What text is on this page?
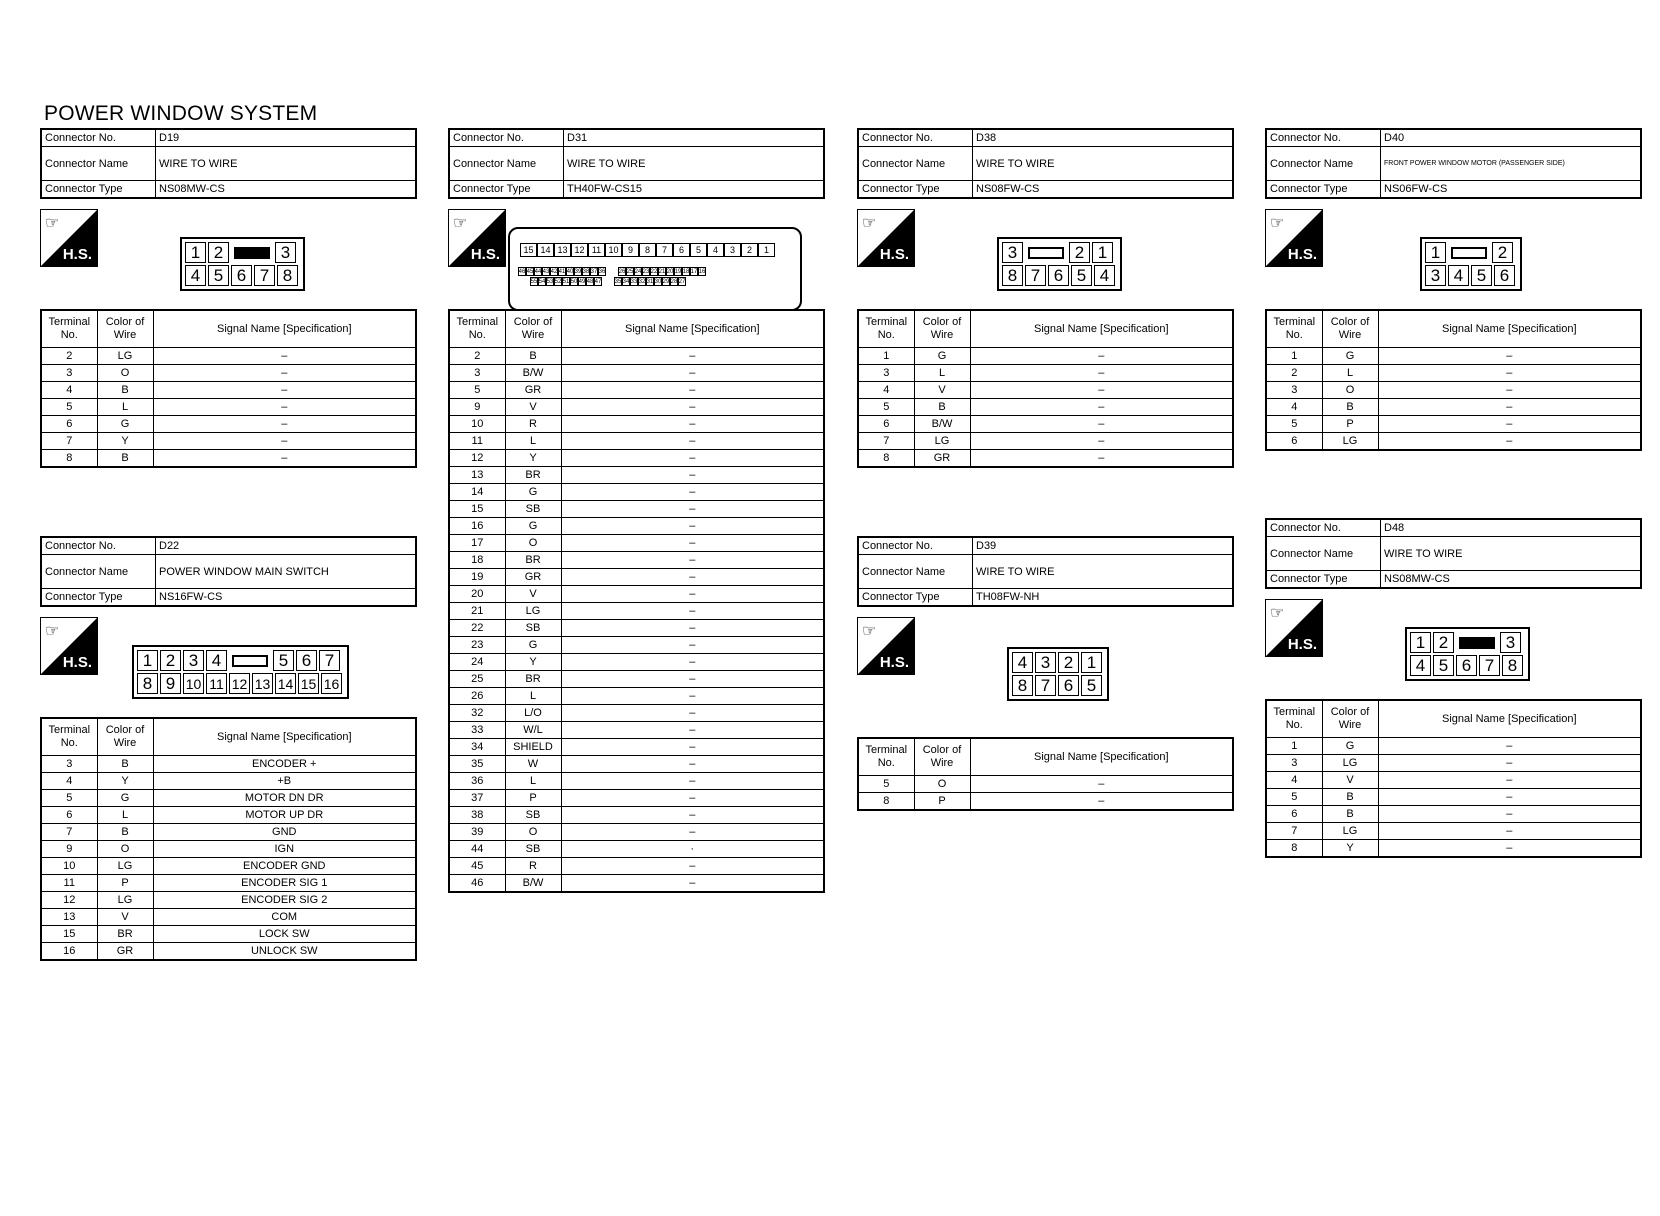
POWER WINDOW SYSTEM
Connector No.	D19
Connector Name	WIRE TO WIRE
Connector Type	NS08MW-CS
☞
H.S.	1 2	3
4 5 6 7 8
Terminal No.	Color of Wire	Signal Name [Specification]
2	LG	–
3	O	–
4	B	–
5	L	–
6	G	–
7	Y	–
8	B	–
Connector No.	D22
Connector Name	POWER WINDOW MAIN SWITCH
Connector Type	NS16FW-CS
☞
H.S.	1 2 3 4	5 6 7
8 9 10 11 12 13 14 15 16
Terminal No.	Color of Wire	Signal Name [Specification]
3	B	ENCODER +
4	Y	+B
5	G	MOTOR DN DR
6	L	MOTOR UP DR
7	B	GND
9	O	IGN
10	LG	ENCODER GND
11	P	ENCODER SIG 1
12	LG	ENCODER SIG 2
13	V	COM
15	BR	LOCK SW
16	GR	UNLOCK SW
Connector No.	D31
Connector Name	WIRE TO WIRE
Connector Type	TH40FW-CS15
☞
H.S.	15 14 13 12 11 10	9	8	7	6	5	4	3	2	1
46 45 44 43 42 41 40 39 38 37 36 26 25 24 23 22 21 20 19 18 17 16
55 54 53 52 51 50 49 48 47 35 34 33 32 31 30 29 28 27
Terminal No.	Color of Wire	Signal Name [Specification]
2	B	–
3	B/W	–
5	GR	–
9	V	–
10	R	–
11	L	–
12	Y	–
13	BR	–
14	G	–
15	SB	–
16	G	–
17	O	–
18	BR	–
19	GR	–
20	V	–
21	LG	–
22	SB	–
23	G	–
24	Y	–
25	BR	–
26	L	–
32	L/O	–
33	W/L	–
34	SHIELD	–
35	W	–
36	L	–
37	P	–
38	SB	–
39	O	–
44	SB	·
45	R	–
46	B/W	–
Connector No.	D38
Connector Name	WIRE TO WIRE
Connector Type	NS08FW-CS
☞
H.S.	3	2 1
8 7 6 5 4
Terminal No.	Color of Wire	Signal Name [Specification]
1	G	–
3	L	–
4	V	–
5	B	–
6	B/W	–
7	LG	–
8	GR	–
Connector No.	D39
Connector Name	WIRE TO WIRE
Connector Type	TH08FW-NH
☞
H.S.	4 3 2 1
8 7 6 5
Terminal No.	Color of Wire	Signal Name [Specification]
5	O	–
8	P	–
Connector No.	D40
Connector Name	FRONT POWER WINDOW MOTOR (PASSENGER SIDE)
Connector Type	NS06FW-CS
☞
H.S.	1	2
3 4 5 6
Terminal No.	Color of Wire	Signal Name [Specification]
1	G	–
2	L	–
3	O	–
4	B	–
5	P	–
6	LG	–
Connector No.	D48
Connector Name	WIRE TO WIRE
Connector Type	NS08MW-CS
☞
H.S.	1 2	3
4 5 6 7 8
Terminal No.	Color of Wire	Signal Name [Specification]
1	G	–
3	LG	–
4	V	–
5	B	–
6	B	–
7	LG	–
8	Y	–
